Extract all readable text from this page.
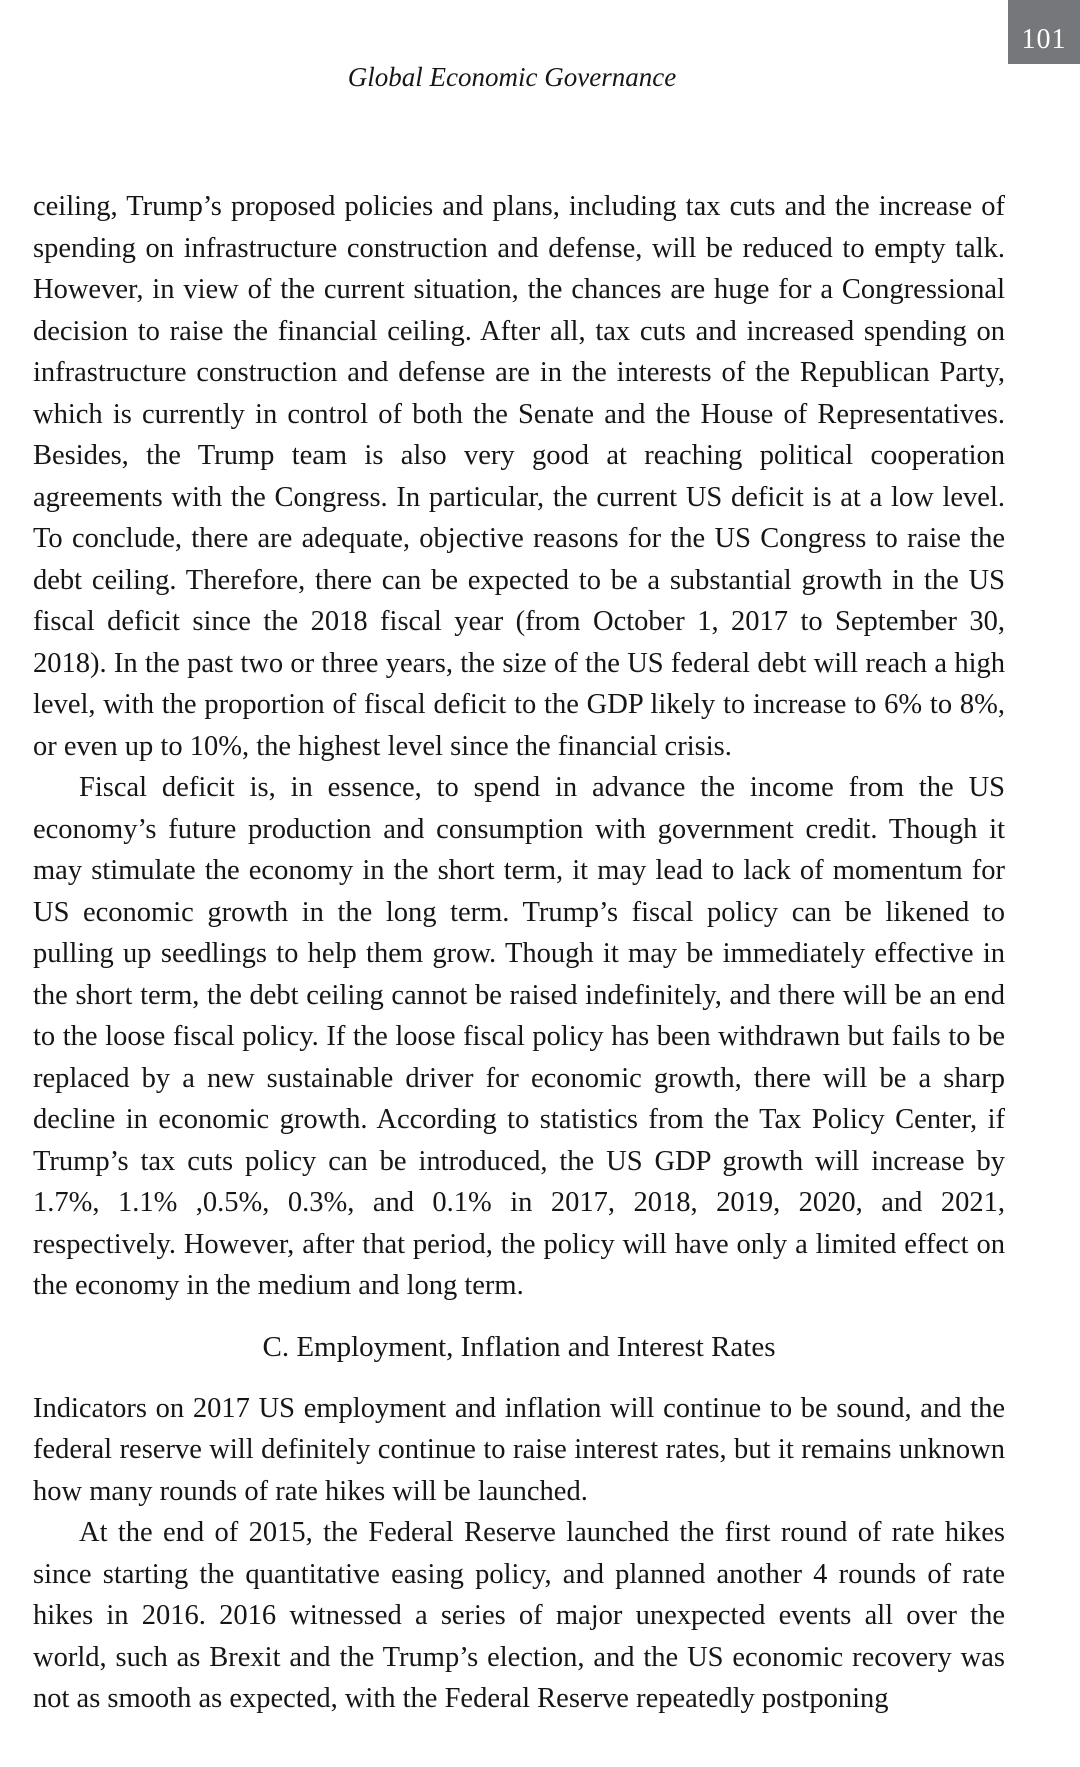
101
Global Economic Governance

ceiling, Trump’s proposed policies and plans, including tax cuts and the increase of spending on infrastructure construction and defense, will be reduced to empty talk. However, in view of the current situation, the chances are huge for a Congressional decision to raise the financial ceiling. After all, tax cuts and increased spending on infrastructure construction and defense are in the interests of the Republican Party, which is currently in control of both the Senate and the House of Representatives. Besides, the Trump team is also very good at reaching political cooperation agreements with the Congress. In particular, the current US deficit is at a low level. To conclude, there are adequate, objective reasons for the US Congress to raise the debt ceiling. Therefore, there can be expected to be a substantial growth in the US fiscal deficit since the 2018 fiscal year (from October 1, 2017 to September 30, 2018). In the past two or three years, the size of the US federal debt will reach a high level, with the proportion of fiscal deficit to the GDP likely to increase to 6% to 8%, or even up to 10%, the highest level since the financial crisis.

Fiscal deficit is, in essence, to spend in advance the income from the US economy’s future production and consumption with government credit. Though it may stimulate the economy in the short term, it may lead to lack of momentum for US economic growth in the long term. Trump’s fiscal policy can be likened to pulling up seedlings to help them grow. Though it may be immediately effective in the short term, the debt ceiling cannot be raised indefinitely, and there will be an end to the loose fiscal policy. If the loose fiscal policy has been withdrawn but fails to be replaced by a new sustainable driver for economic growth, there will be a sharp decline in economic growth. According to statistics from the Tax Policy Center, if Trump’s tax cuts policy can be introduced, the US GDP growth will increase by 1.7%, 1.1% ,0.5%, 0.3%, and 0.1% in 2017, 2018, 2019, 2020, and 2021, respectively. However, after that period, the policy will have only a limited effect on the economy in the medium and long term.

C. Employment, Inflation and Interest Rates

Indicators on 2017 US employment and inflation will continue to be sound, and the federal reserve will definitely continue to raise interest rates, but it remains unknown how many rounds of rate hikes will be launched.

At the end of 2015, the Federal Reserve launched the first round of rate hikes since starting the quantitative easing policy, and planned another 4 rounds of rate hikes in 2016. 2016 witnessed a series of major unexpected events all over the world, such as Brexit and the Trump’s election, and the US economic recovery was not as smooth as expected, with the Federal Reserve repeatedly postponing
